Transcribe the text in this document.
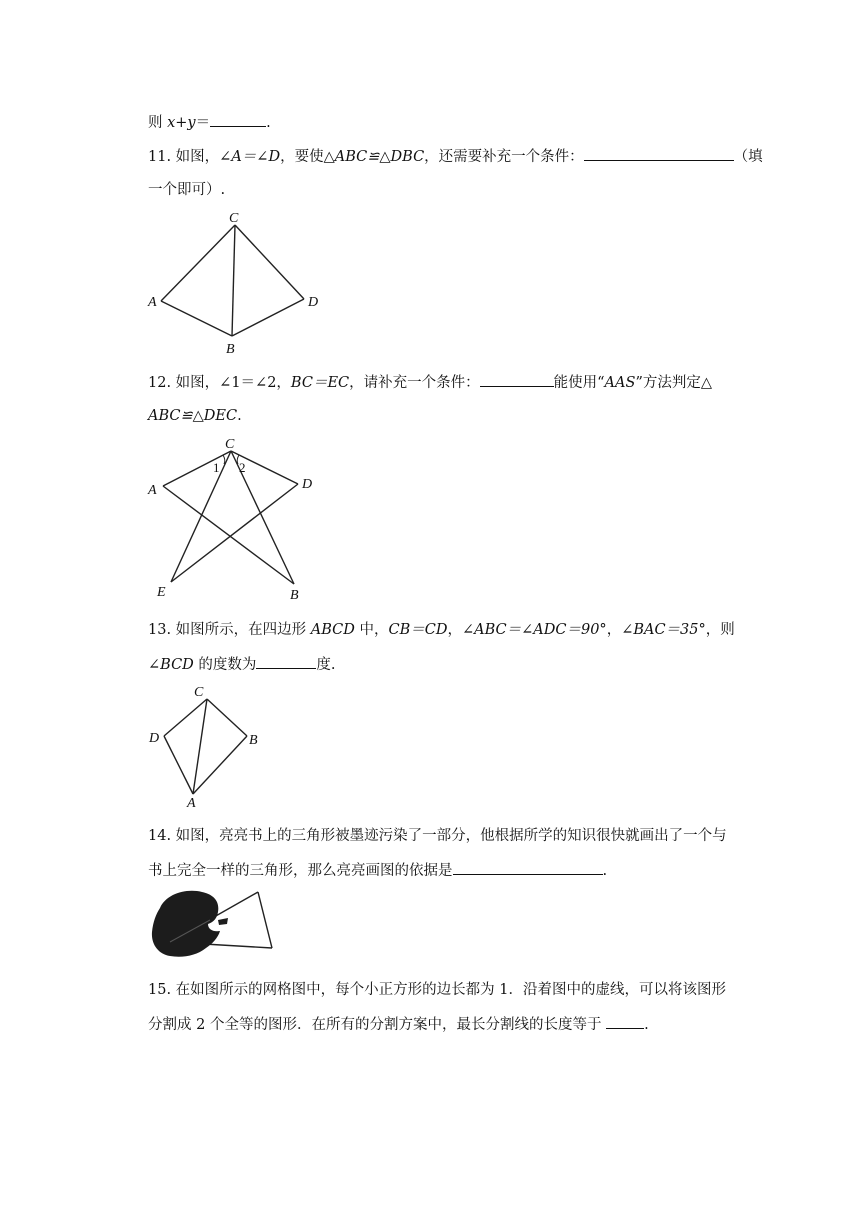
则 x+y＝	.
11. 如图，∠A＝∠D，要使△ABC≌△DBC，还需要补充一个条件：	（填
一个即可）.
C
A	D
B
12. 如图，∠1＝∠2，BC＝EC，请补充一个条件：	能使用“AAS”方法判定△
ABC≌△DEC.
C
A	D
E	B
1 2
13. 如图所示，在四边形 ABCD 中，CB＝CD，∠ABC＝∠ADC＝90°，∠BAC＝35°，则
∠BCD 的度数为	度.
C
D	B
A
14. 如图，亮亮书上的三角形被墨迹污染了一部分，他根据所学的知识很快就画出了一个与
书上完全一样的三角形，那么亮亮画图的依据是	.
15. 在如图所示的网格图中，每个小正方形的边长都为 1．沿着图中的虚线，可以将该图形
分割成 2 个全等的图形．在所有的分割方案中，最长分割线的长度等于	.
